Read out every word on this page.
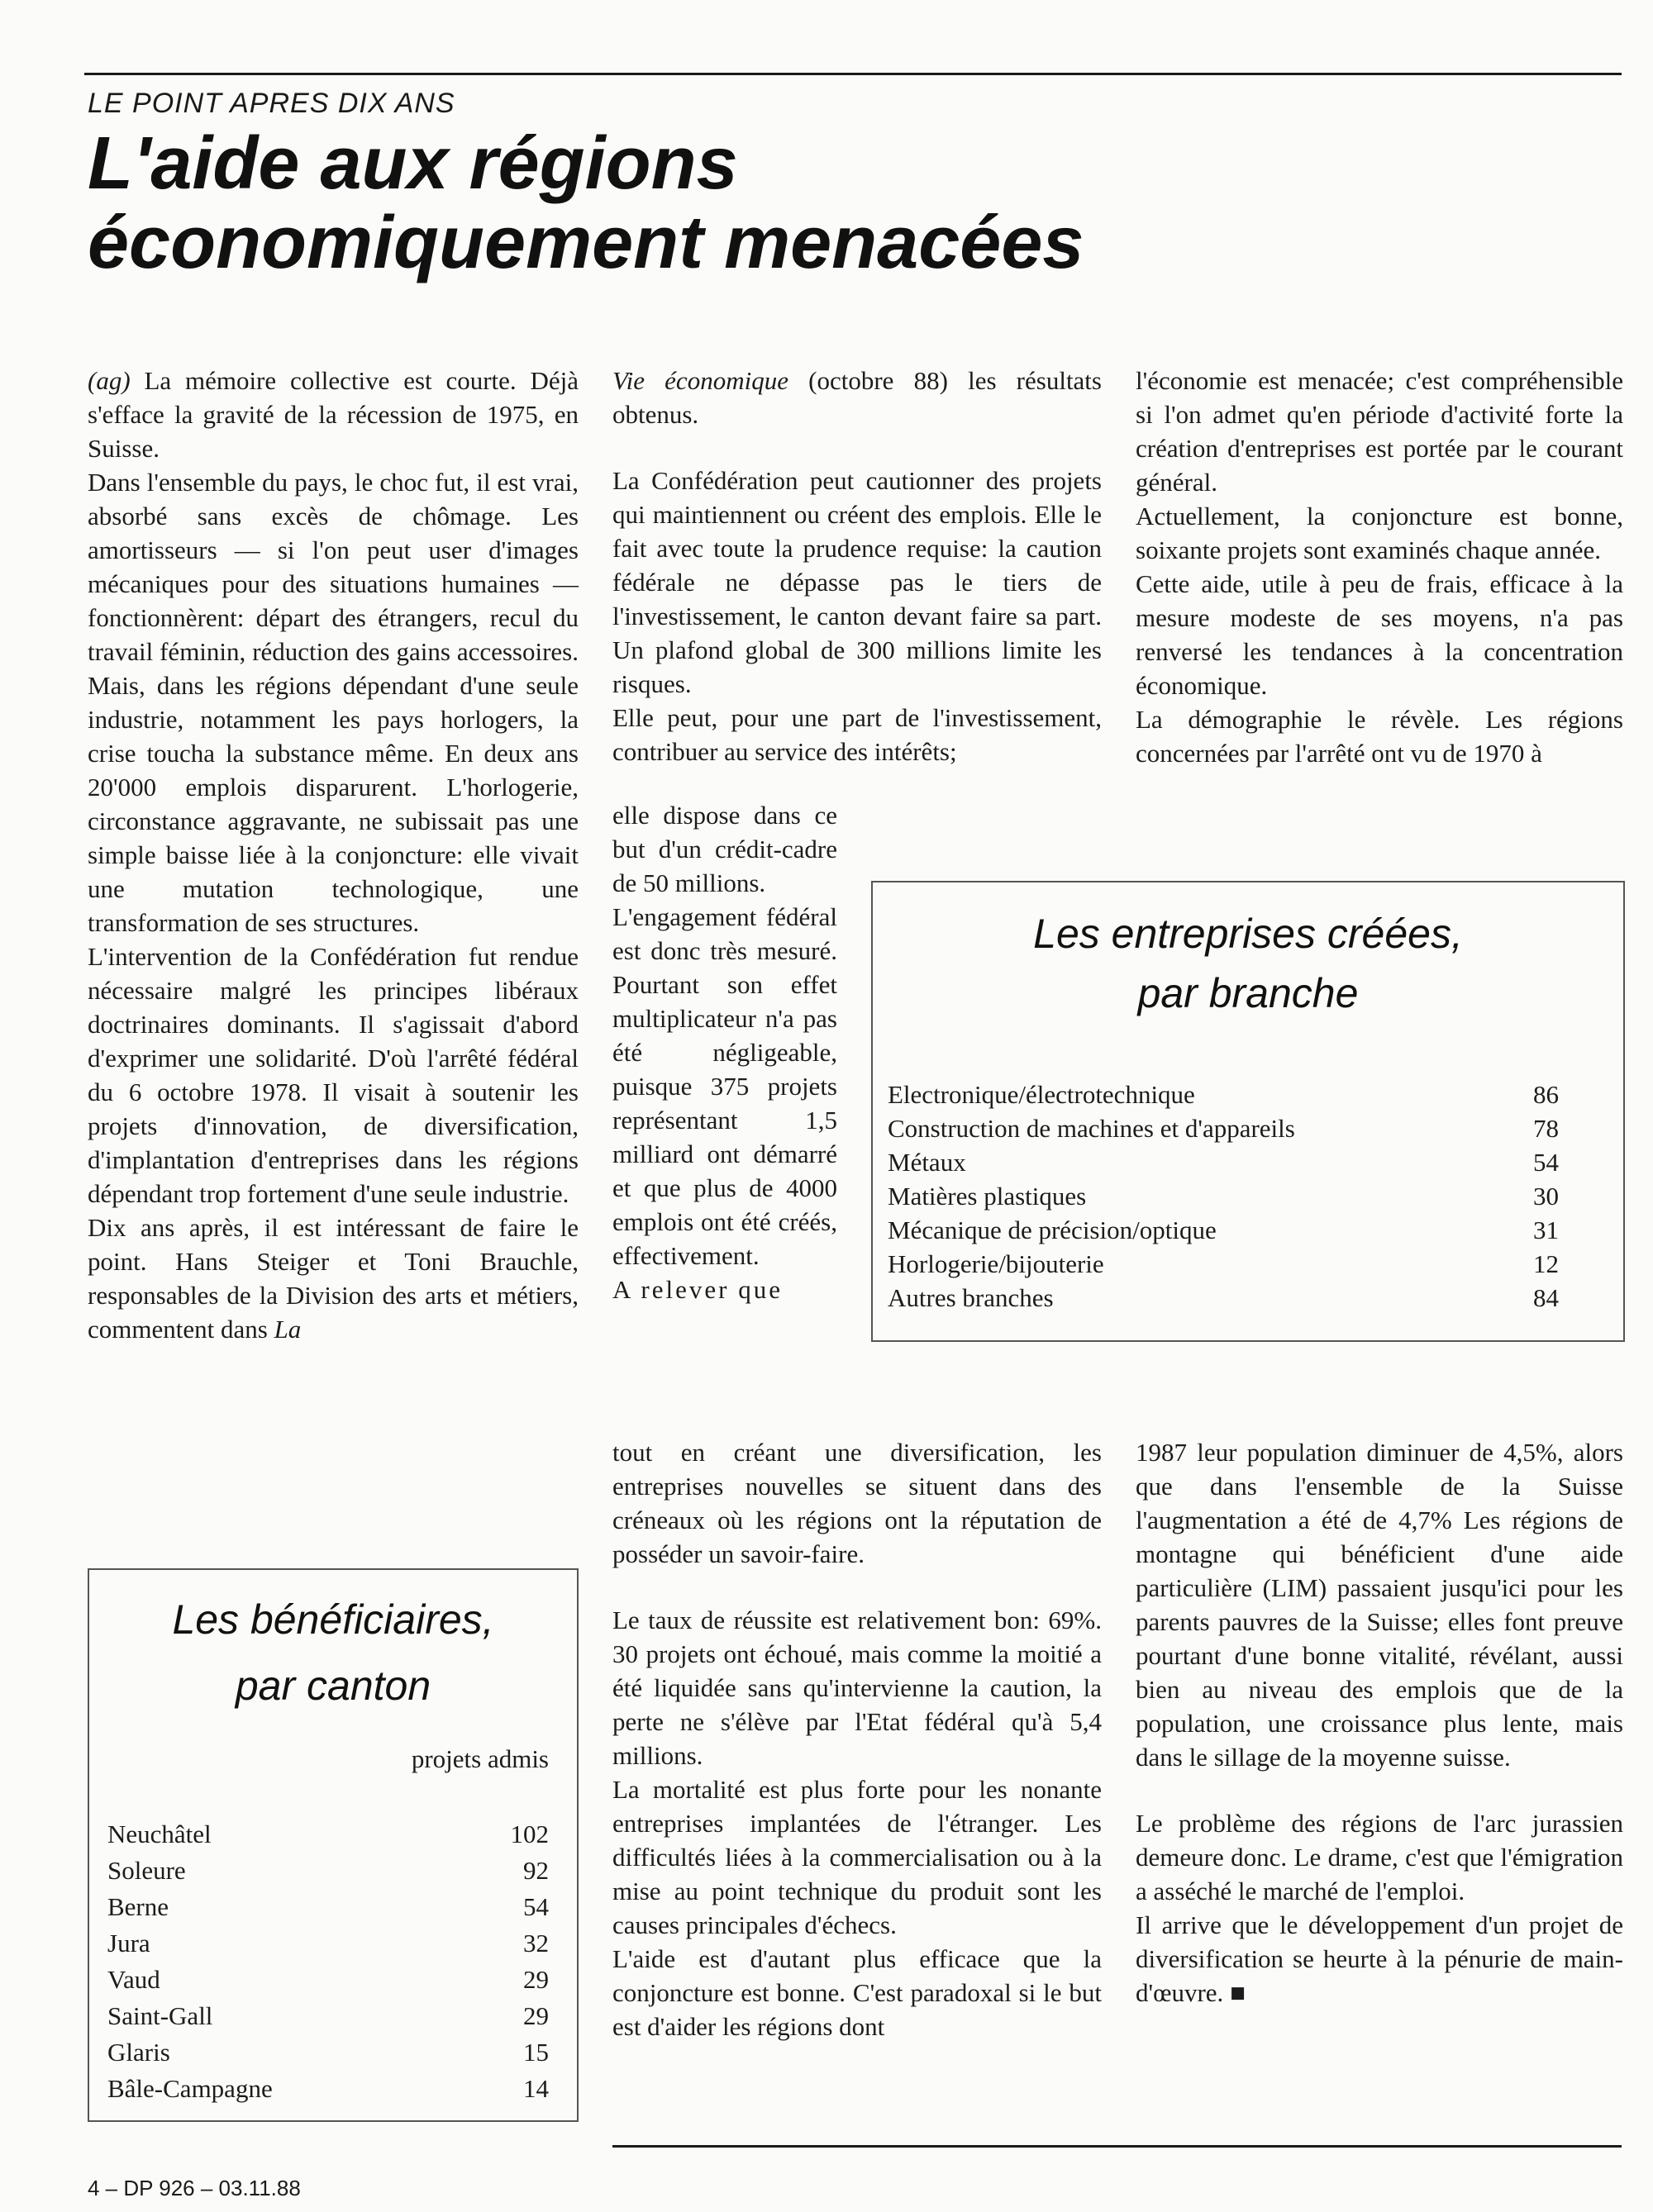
LE POINT APRES DIX ANS
L'aide aux régions
économiquement menacées

(ag) La mémoire collective est courte. Déjà s'efface la gravité de la récession de 1975, en Suisse.

Dans l'ensemble du pays, le choc fut, il est vrai, absorbé sans excès de chômage. Les amortisseurs — si l'on peut user d'images mécaniques pour des situations humaines — fonctionnèrent: départ des étrangers, recul du travail féminin, réduction des gains accessoires. Mais, dans les régions dépendant d'une seule industrie, notamment les pays horlogers, la crise toucha la substance même. En deux ans 20'000 emplois disparurent. L'horlogerie, circonstance aggravante, ne subissait pas une simple baisse liée à la conjoncture: elle vivait une mutation technologique, une transformation de ses structures.

L'intervention de la Confédération fut rendue nécessaire malgré les principes libéraux doctrinaires dominants. Il s'agissait d'abord d'exprimer une solidarité. D'où l'arrêté fédéral du 6 octobre 1978. Il visait à soutenir les projets d'innovation, de diversification, d'implantation d'entreprises dans les régions dépendant trop fortement d'une seule industrie.

Dix ans après, il est intéressant de faire le point. Hans Steiger et Toni Brauchle, responsables de la Division des arts et métiers, commentent dans La

Vie économique (octobre 88) les résultats obtenus.

La Confédération peut cautionner des projets qui maintiennent ou créent des emplois. Elle le fait avec toute la prudence requise: la caution fédérale ne dépasse pas le tiers de l'investissement, le canton devant faire sa part. Un plafond global de 300 millions limite les risques.

Elle peut, pour une part de l'investissement, contribuer au service des intérêts;

elle dispose dans ce but d'un crédit-cadre de 50 millions.

L'engagement fédéral est donc très mesuré. Pourtant son effet multiplicateur n'a pas été négligeable, puisque 375 projets représentant 1,5 milliard ont démarré et que plus de 4000 emplois ont été créés, effectivement.

A relever que

tout en créant une diversification, les entreprises nouvelles se situent dans des créneaux où les régions ont la réputation de posséder un savoir-faire.

Le taux de réussite est relativement bon: 69%. 30 projets ont échoué, mais comme la moitié a été liquidée sans qu'intervienne la caution, la perte ne s'élève par l'Etat fédéral qu'à 5,4 millions.

La mortalité est plus forte pour les nonante entreprises implantées de l'étranger. Les difficultés liées à la commercialisation ou à la mise au point technique du produit sont les causes principales d'échecs.

L'aide est d'autant plus efficace que la conjoncture est bonne. C'est paradoxal si le but est d'aider les régions dont

l'économie est menacée; c'est compréhensible si l'on admet qu'en période d'activité forte la création d'entreprises est portée par le courant général.

Actuellement, la conjoncture est bonne, soixante projets sont examinés chaque année.

Cette aide, utile à peu de frais, efficace à la mesure modeste de ses moyens, n'a pas renversé les tendances à la concentration économique.

La démographie le révèle. Les régions concernées par l'arrêté ont vu de 1970 à

1987 leur population diminuer de 4,5%, alors que dans l'ensemble de la Suisse l'augmentation a été de 4,7% Les régions de montagne qui bénéficient d'une aide particulière (LIM) passaient jusqu'ici pour les parents pauvres de la Suisse; elles font preuve pourtant d'une bonne vitalité, révélant, aussi bien au niveau des emplois que de la population, une croissance plus lente, mais dans le sillage de la moyenne suisse.

Le problème des régions de l'arc jurassien demeure donc. Le drame, c'est que l'émigration a asséché le marché de l'emploi.

Il arrive que le développement d'un projet de diversification se heurte à la pénurie de main-d'œuvre. ■

Les entreprises créées,
par branche
Electronique/électrotechnique	86
Construction de machines et d'appareils	78
Métaux	54
Matières plastiques	30
Mécanique de précision/optique	31
Horlogerie/bijouterie	12
Autres branches	84
Les bénéficiaires,
par canton
projets admis
Neuchâtel	102
Soleure	92
Berne	54
Jura	32
Vaud	29
Saint-Gall	29
Glaris	15
Bâle-Campagne	14
4 – DP 926 – 03.11.88
